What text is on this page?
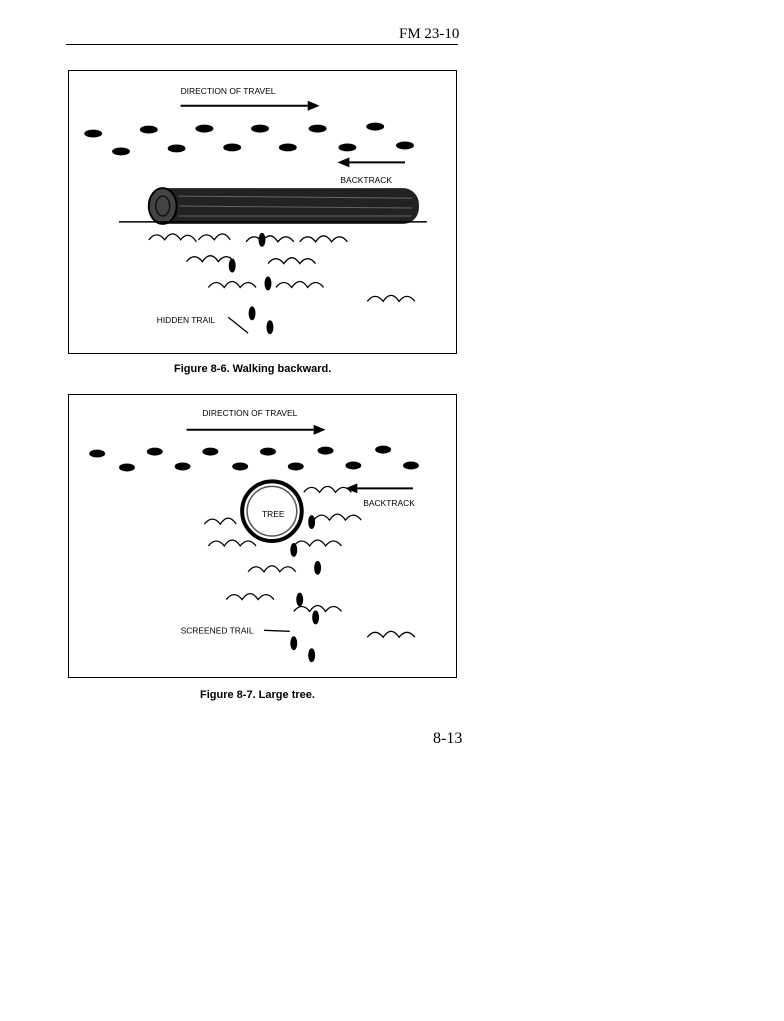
FM 23-10
DIRECTION OF TRAVEL
BACKTRACK
HIDDEN TRAIL
Figure 8-6. Walking backward.
DIRECTION OF TRAVEL
BACKTRACK
TREE
SCREENED TRAIL
Figure 8-7. Large tree.
8-13
